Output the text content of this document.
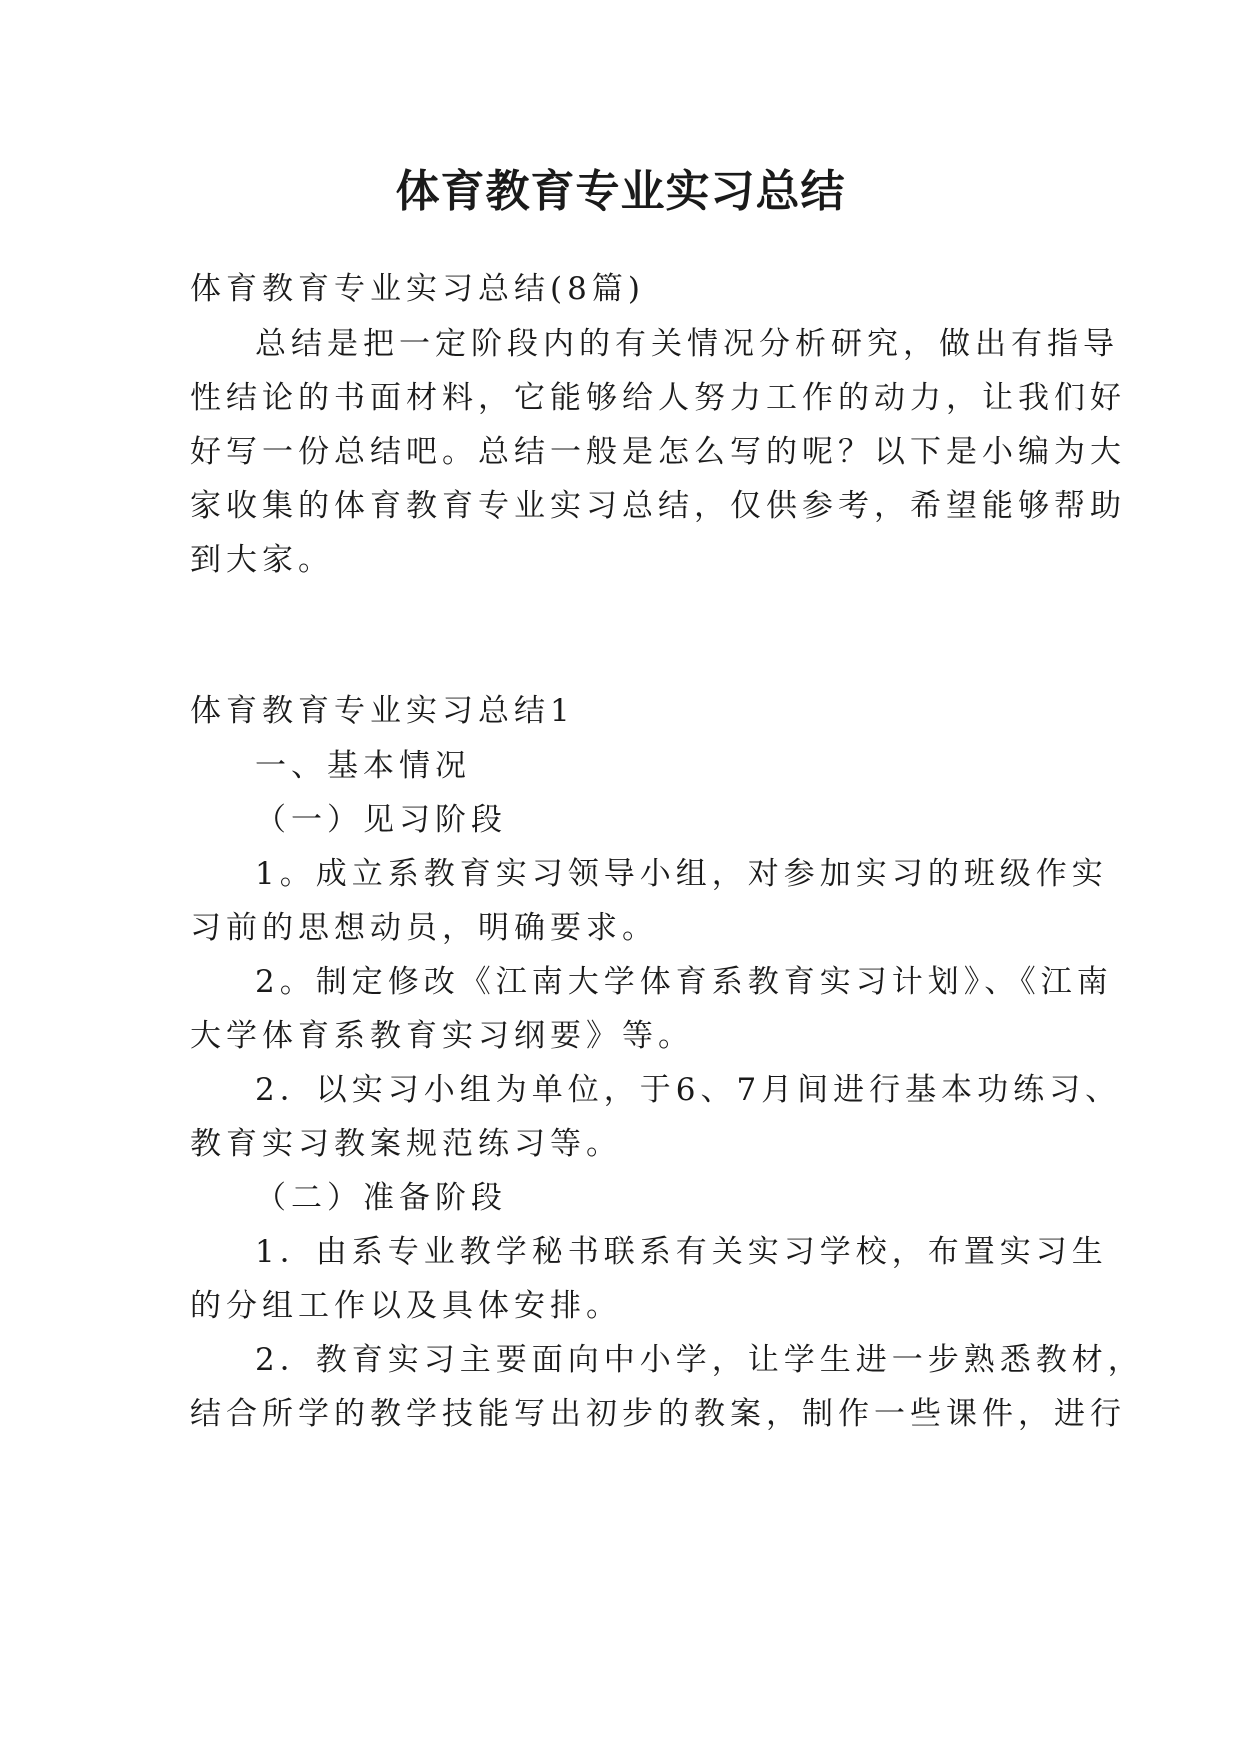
体育教育专业实习总结

体育教育专业实习总结(8篇)

总结是把一定阶段内的有关情况分析研究，做出有指导

性结论的书面材料，它能够给人努力工作的动力，让我们好

好写一份总结吧。总结一般是怎么写的呢？以下是小编为大

家收集的体育教育专业实习总结，仅供参考，希望能够帮助

到大家。

体育教育专业实习总结1

一、基本情况

（一）见习阶段

1。成立系教育实习领导小组，对参加实习的班级作实

习前的思想动员，明确要求。

2。制定修改《江南大学体育系教育实习计划》、《江南

大学体育系教育实习纲要》等。

2．以实习小组为单位，于6、7月间进行基本功练习、

教育实习教案规范练习等。

（二）准备阶段

1．由系专业教学秘书联系有关实习学校，布置实习生

的分组工作以及具体安排。

2．教育实习主要面向中小学，让学生进一步熟悉教材，

结合所学的教学技能写出初步的教案，制作一些课件，进行
